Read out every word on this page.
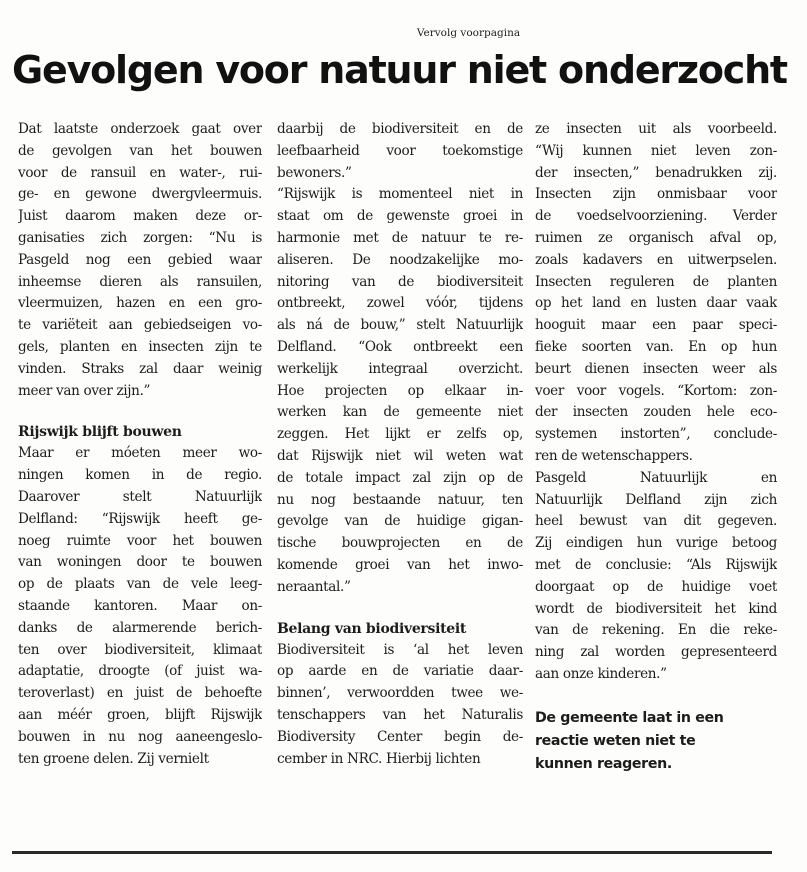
Vervolg voorpagina
Gevolgen voor natuur niet onderzocht
Dat laatste onderzoek gaat over
de gevolgen van het bouwen
voor de ransuil en water-, rui-
ge- en gewone dwergvleermuis.
Juist daarom maken deze or-
ganisaties zich zorgen: “Nu is
Pasgeld nog een gebied waar
inheemse dieren als ransuilen,
vleermuizen, hazen en een gro-
te variëteit aan gebiedseigen vo-
gels, planten en insecten zijn te
vinden. Straks zal daar weinig
meer van over zijn.”
Rijswijk blijft bouwen
Maar er móeten meer wo-
ningen komen in de regio.
Daarover stelt Natuurlijk
Delfland: “Rijswijk heeft ge-
noeg ruimte voor het bouwen
van woningen door te bouwen
op de plaats van de vele leeg-
staande kantoren. Maar on-
danks de alarmerende berich-
ten over biodiversiteit, klimaat
adaptatie, droogte (of juist wa-
teroverlast) en juist de behoefte
aan méér groen, blijft Rijswijk
bouwen in nu nog aaneengeslo-
ten groene delen. Zij vernielt
daarbij de biodiversiteit en de
leefbaarheid voor toekomstige
bewoners.”
“Rijswijk is momenteel niet in
staat om de gewenste groei in
harmonie met de natuur te re-
aliseren. De noodzakelijke mo-
nitoring van de biodiversiteit
ontbreekt, zowel vóór, tijdens
als ná de bouw,” stelt Natuurlijk
Delfland. “Ook ontbreekt een
werkelijk integraal overzicht.
Hoe projecten op elkaar in-
werken kan de gemeente niet
zeggen. Het lijkt er zelfs op,
dat Rijswijk niet wil weten wat
de totale impact zal zijn op de
nu nog bestaande natuur, ten
gevolge van de huidige gigan-
tische bouwprojecten en de
komende groei van het inwo-
neraantal.”
Belang van biodiversiteit
Biodiversiteit is ‘al het leven
op aarde en de variatie daar-
binnen’, verwoordden twee we-
tenschappers van het Naturalis
Biodiversity Center begin de-
cember in NRC. Hierbij lichten
ze insecten uit als voorbeeld.
“Wij kunnen niet leven zon-
der insecten,” benadrukken zij.
Insecten zijn onmisbaar voor
de voedselvoorziening. Verder
ruimen ze organisch afval op,
zoals kadavers en uitwerpselen.
Insecten reguleren de planten
op het land en lusten daar vaak
hooguit maar een paar speci-
fieke soorten van. En op hun
beurt dienen insecten weer als
voer voor vogels. “Kortom: zon-
der insecten zouden hele eco-
systemen instorten”, conclude-
ren de wetenschappers.
Pasgeld Natuurlijk en
Natuurlijk Delfland zijn zich
heel bewust van dit gegeven.
Zij eindigen hun vurige betoog
met de conclusie: “Als Rijswijk
doorgaat op de huidige voet
wordt de biodiversiteit het kind
van de rekening. En die reke-
ning zal worden gepresenteerd
aan onze kinderen.”
De gemeente laat in een
reactie weten niet te
kunnen reageren.
